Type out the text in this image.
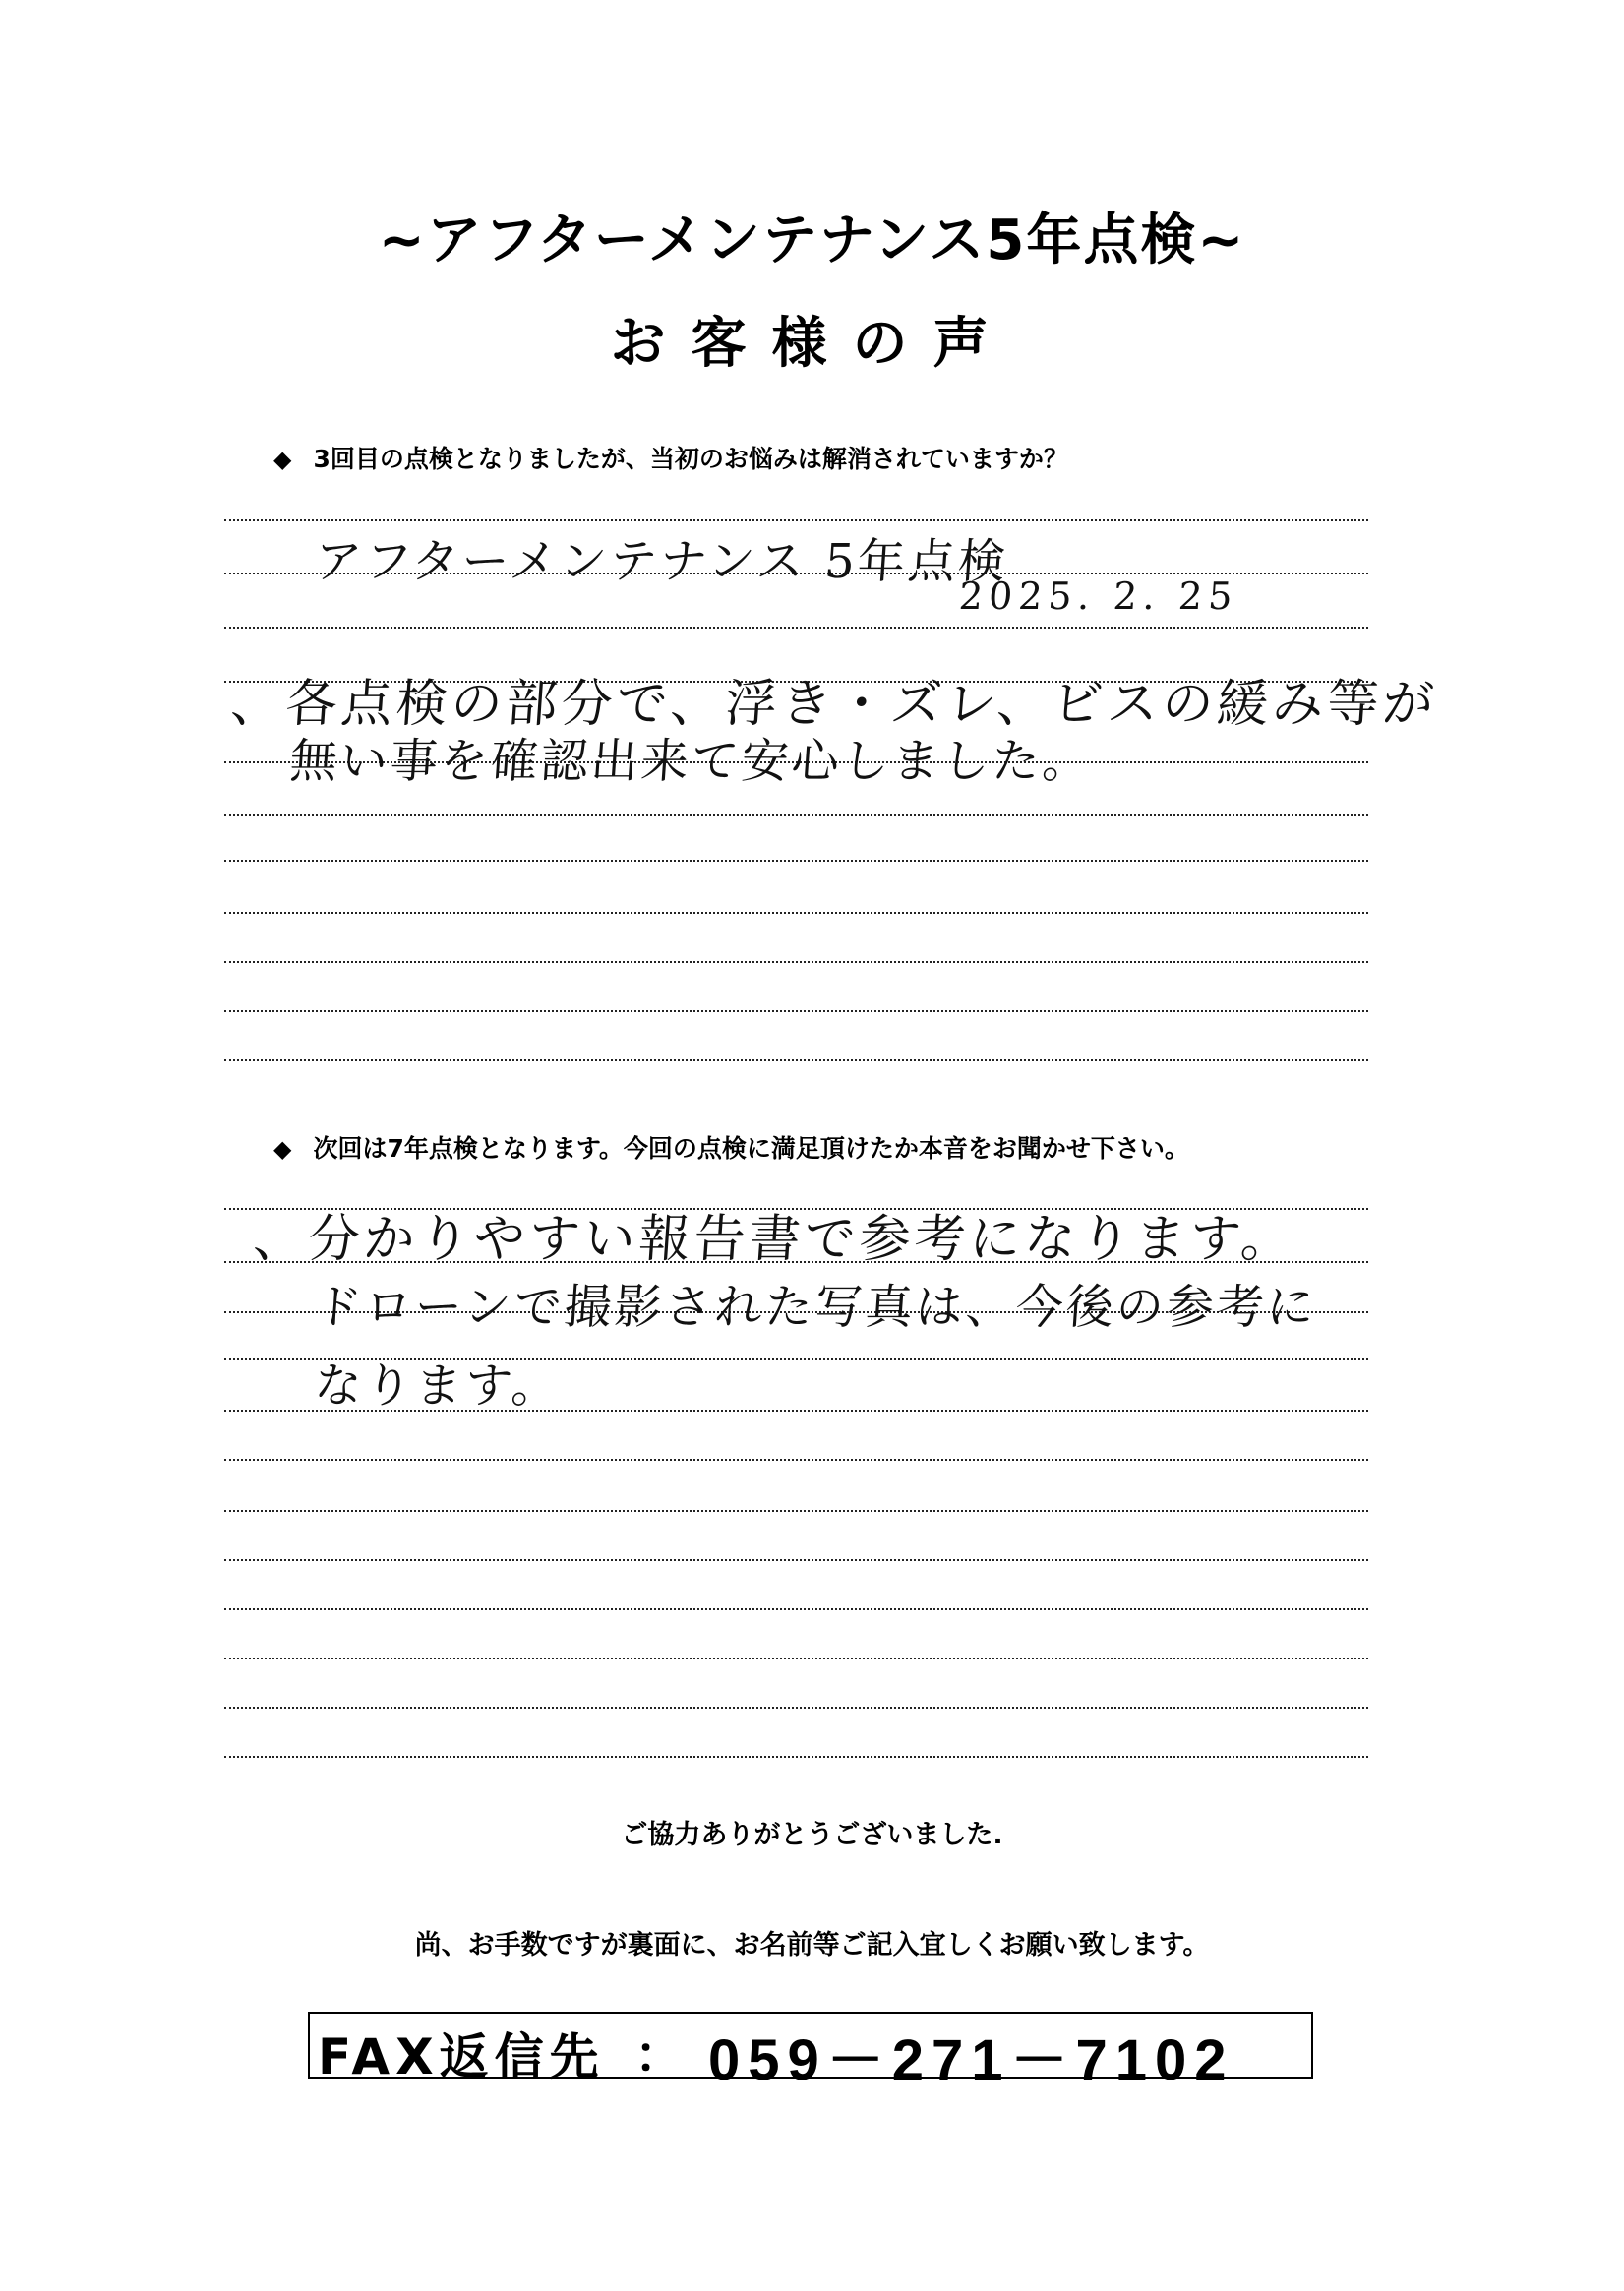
~アフターメンテナンス5年点検~
お客様の声
◆ 3回目の点検となりましたが、当初のお悩みは解消されていますか？
アフターメンテナンス 5年点検
2025. 2. 25
、各点検の部分で、浮き・ズレ、ビスの緩み等が
無い事を確認出来て安心しました。
◆ 次回は7年点検となります。今回の点検に満足頂けたか本音をお聞かせ下さい。
、分かりやすい報告書で参考になります。
ドローンで撮影された写真は、今後の参考に
なります。
ご協力ありがとうございました.
尚、お手数ですが裏面に、お名前等ご記入宜しくお願い致します。
FAX返信先 ： 059－271－7102
